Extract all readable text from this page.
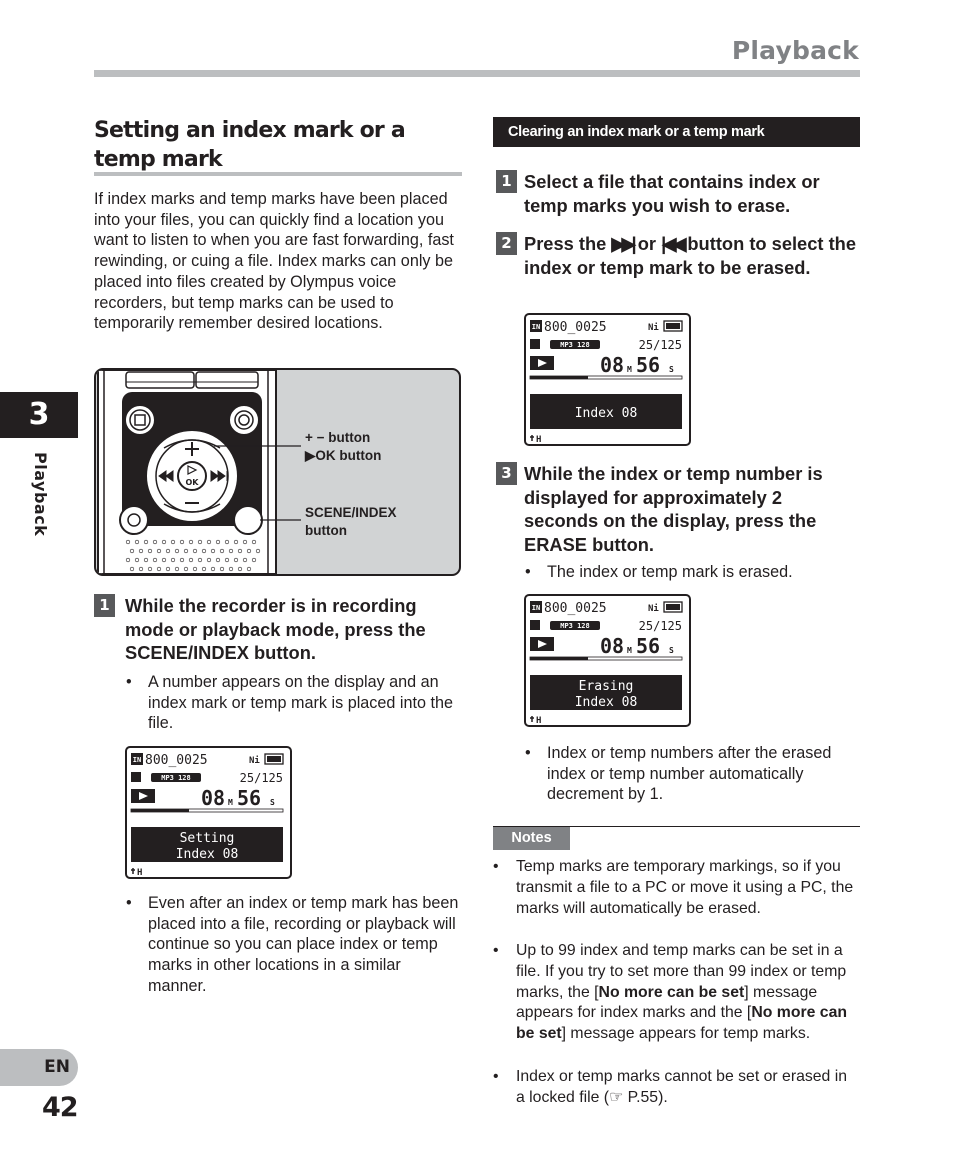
Playback
Setting an index mark or a temp mark
If index marks and temp marks have been placed into your files, you can quickly find a location you want to listen to when you are fast forwarding, fast rewinding, or cuing a file. Index marks can only be placed into files created by Olympus voice recorders, but temp marks can be used to temporarily remember desired locations.
OK
+ − button
▶OK button
SCENE/INDEX
button
1 While the recorder is in recording mode or playback mode, press the SCENE/INDEX button.
• A number appears on the display and an index mark or temp mark is placed into the file.
IN 800_0025	Ni
MP3 128	25/125
08 M 56 S
Setting
Index 08
H
IN 800_0025	Ni
MP3 128	25/125
08 M 56 S
Index 08
H
IN 800_0025	Ni
MP3 128	25/125
08 M 56 S
Erasing
Index 08
H
• Even after an index or temp mark has been placed into a file, recording or playback will continue so you can place index or temp marks in other locations in a similar manner.
Clearing an index mark or a temp mark
1 Select a file that contains index or temp marks you wish to erase.
2 Press the ▶▶| or |◀◀ button to select the index or temp mark to be erased.
3 While the index or temp number is displayed for approximately 2 seconds on the display, press the ERASE button.
• The index or temp mark is erased.
• Index or temp numbers after the erased index or temp number automatically decrement by 1.
Notes
• Temp marks are temporary markings, so if you transmit a file to a PC or move it using a PC, the marks will automatically be erased.
• Up to 99 index and temp marks can be set in a file. If you try to set more than 99 index or temp marks, the [No more can be set] message appears for index marks and the [No more can be set] message appears for temp marks.
• Index or temp marks cannot be set or erased in a locked file (☞ P.55).
3
Playback
EN
42
